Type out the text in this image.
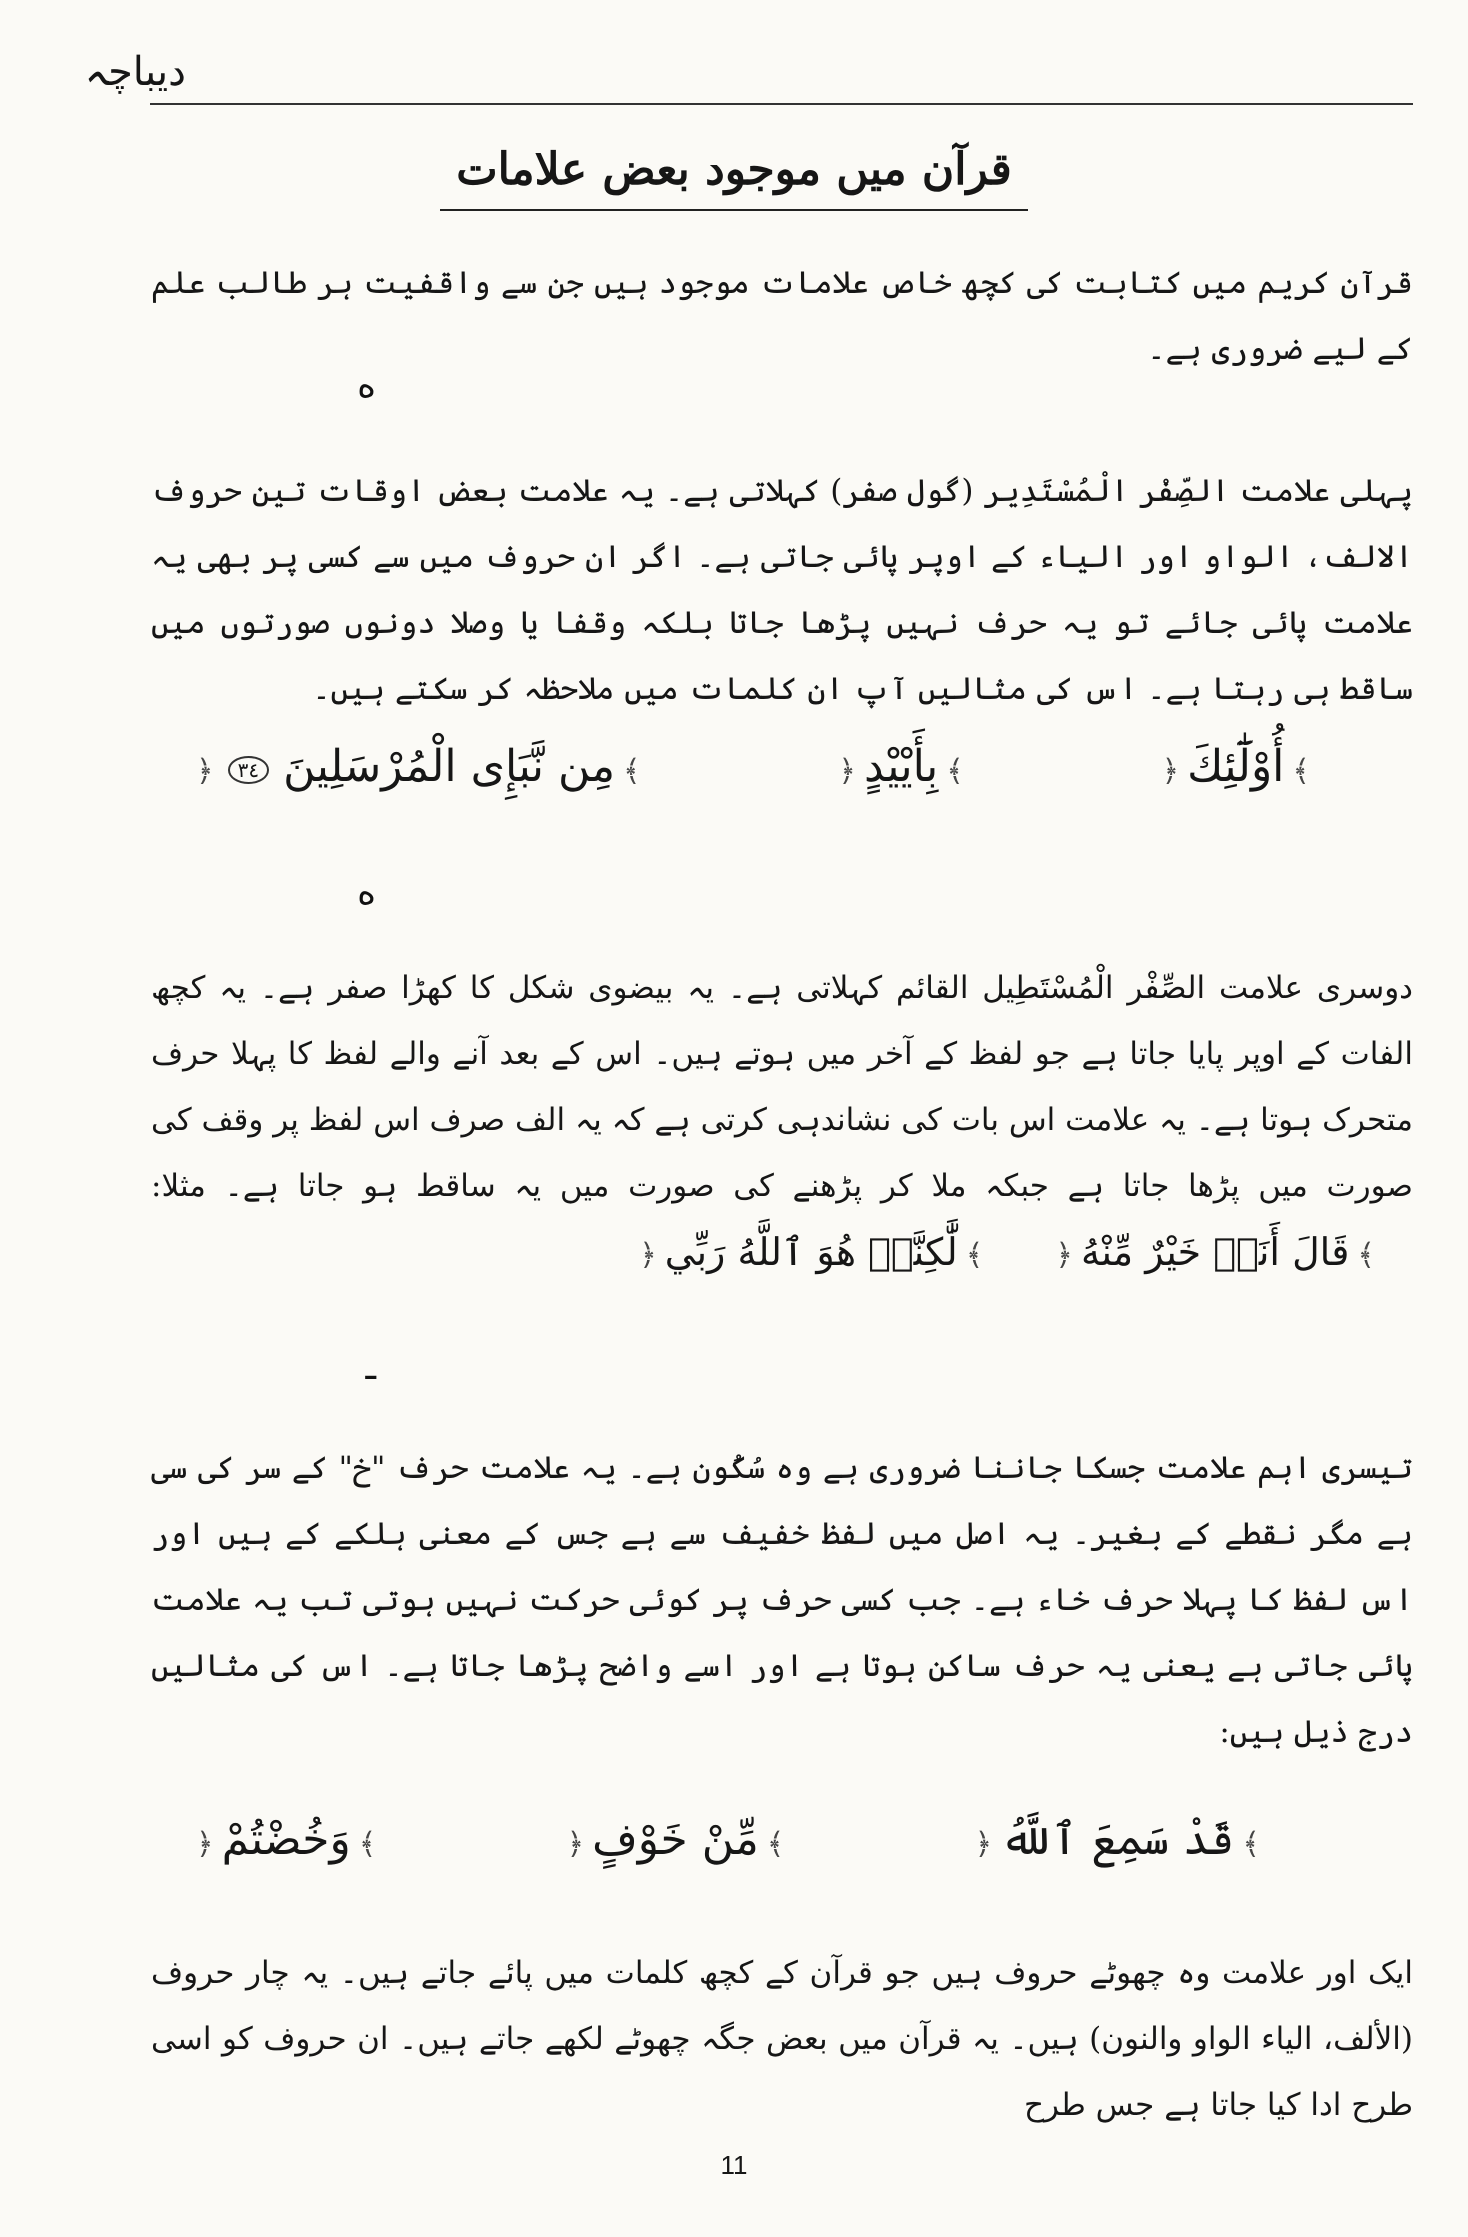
دیباچہ
قرآن میں موجود بعض علامات

قرآن کریم میں کتابت کی کچھ خاص علامات موجود ہیں جن سے واقفیت ہر طالب علم کے لیے ضروری ہے۔

ە

پہلی علامت الصِّفْر الْمُسْتَدِير (گول صفر) کہلاتی ہے۔ یہ علامت بعض اوقات تین حروف الالف، الواو اور الیاء کے اوپر پائی جاتی ہے۔ اگر ان حروف میں سے کسی پر بھی یہ علامت پائی جائے تو یہ حرف نہیں پڑھا جاتا بلکہ وقفا یا وصلا دونوں صورتوں میں ساقط ہی رہتا ہے۔ اس کی مثالیں آپ ان کلمات میں ملاحظہ کر سکتے ہیں۔

﴾أُوْلَٰٓئِكَ﴿
﴾بِأَيْيْدٍ﴿
﴾مِن نَّبَإِى الْمُرْسَلِينَ ٣٤﴿
ە

دوسری علامت الصِّفْر الْمُسْتَطِيل القائم کہلاتی ہے۔ یہ بیضوی شکل کا کھڑا صفر ہے۔ یہ کچھ الفات کے اوپر پایا جاتا ہے جو لفظ کے آخر میں ہوتے ہیں۔ اس کے بعد آنے والے لفظ کا پہلا حرف متحرک ہوتا ہے۔ یہ علامت اس بات کی نشاندہی کرتی ہے کہ یہ الف صرف اس لفظ پر وقف کی صورت میں پڑھا جاتا ہے جبکہ ملا کر پڑھنے کی صورت میں یہ ساقط ہو جاتا ہے۔ مثلا: ﴾قَالَ أَنَا۠ خَيْرٌ مِّنْهُ﴿ ﴾لَّٰكِنَّا۠ هُوَ ٱللَّهُ رَبِّي﴿

ـ

تیسری اہم علامت جسکا جاننا ضروری ہے وہ سُکُون ہے۔ یہ علامت حرف "خ" کے سر کی سی ہے مگر نقطے کے بغیر۔ یہ اصل میں لفظ خفیف سے ہے جس کے معنی ہلکے کے ہیں اور اس لفظ کا پہلا حرف خاء ہے۔ جب کسی حرف پر کوئی حرکت نہیں ہوتی تب یہ علامت پائی جاتی ہے یعنی یہ حرف ساکن ہوتا ہے اور اسے واضح پڑھا جاتا ہے۔ اس کی مثالیں درج ذیل ہیں:

﴾قَدْ سَمِعَ ٱللَّهُ﴿
﴾مِّنْ خَوْفٍ﴿
﴾وَخُضْتُمْ﴿

ایک اور علامت وہ چھوٹے حروف ہیں جو قرآن کے کچھ کلمات میں پائے جاتے ہیں۔ یہ چار حروف (الألف، الیاء الواو والنون) ہیں۔ یہ قرآن میں بعض جگہ چھوٹے لکھے جاتے ہیں۔ ان حروف کو اسی طرح ادا کیا جاتا ہے جس طرح

11
